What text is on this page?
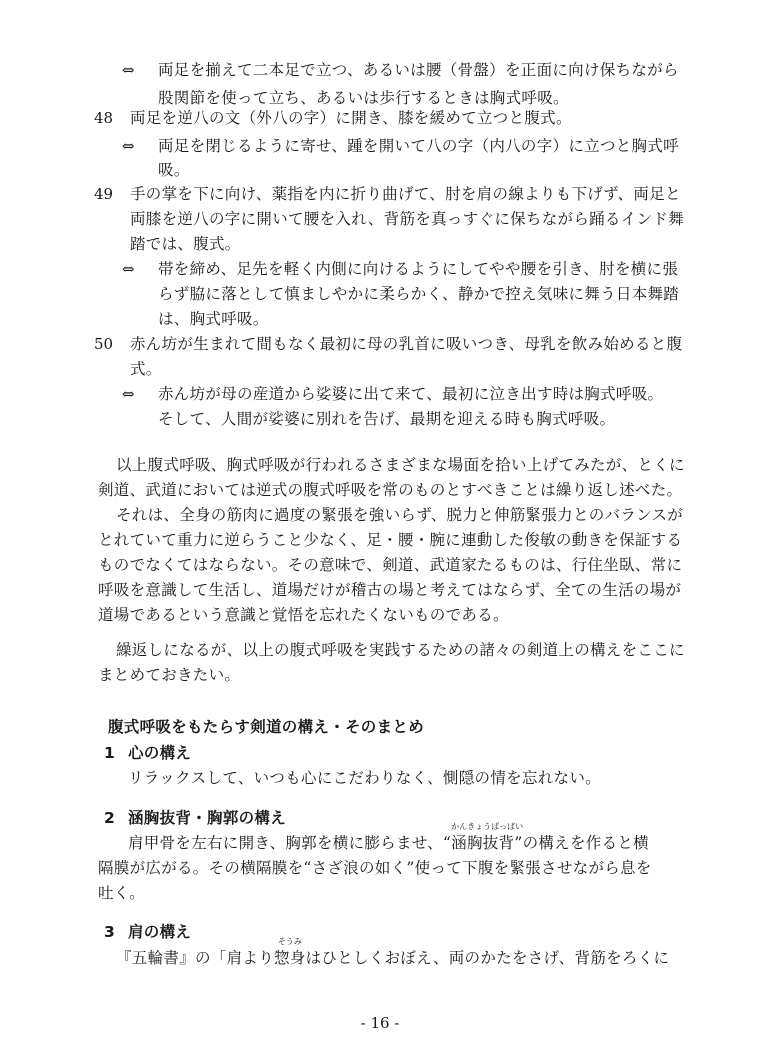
⇔ 両足を揃えて二本足で立つ、あるいは腰（骨盤）を正面に向け保ちながら
股関節を使って立ち、あるいは歩行するときは胸式呼吸。
48 両足を逆八の文（外八の字）に開き、膝を緩めて立つと腹式。
⇔ 両足を閉じるように寄せ、踵を開いて八の字（内八の字）に立つと胸式呼
吸。
49 手の掌を下に向け、薬指を内に折り曲げて、肘を肩の線よりも下げず、両足と
両膝を逆八の字に開いて腰を入れ、背筋を真っすぐに保ちながら踊るインド舞
踏では、腹式。
⇔ 帯を締め、足先を軽く内側に向けるようにしてやや腰を引き、肘を横に張
らず脇に落として慎ましやかに柔らかく、静かで控え気味に舞う日本舞踏
は、胸式呼吸。
50 赤ん坊が生まれて間もなく最初に母の乳首に吸いつき、母乳を飲み始めると腹
式。
⇔ 赤ん坊が母の産道から娑婆に出て来て、最初に泣き出す時は胸式呼吸。
そして、人間が娑婆に別れを告げ、最期を迎える時も胸式呼吸。
以上腹式呼吸、胸式呼吸が行われるさまざまな場面を拾い上げてみたが、とくに
剣道、武道においては逆式の腹式呼吸を常のものとすべきことは繰り返し述べた。
それは、全身の筋肉に過度の緊張を強いらず、脱力と伸筋緊張力とのバランスが
とれていて重力に逆らうこと少なく、足・腰・腕に連動した俊敏の動きを保証する
ものでなくてはならない。その意味で、剣道、武道家たるものは、行住坐臥、常に
呼吸を意識して生活し、道場だけが稽古の場と考えてはならず、全ての生活の場が
道場であるという意識と覚悟を忘れたくないものである。
繰返しになるが、以上の腹式呼吸を実践するための諸々の剣道上の構えをここに
まとめておきたい。
腹式呼吸をもたらす剣道の構え・そのまとめ
1 心の構え
リラックスして、いつも心にこだわりなく、惻隠の情を忘れない。
2 涵胸抜背・胸郭の構え
肩甲骨を左右に開き、胸郭を横に膨らませ、“
かんきょうばっぱい
涵胸抜背”の構えを作ると横
隔膜が広がる。その横隔膜を“さざ浪の如く”使って下腹を緊張させながら息を
吐く。
3 肩の構え
『五輪書』の「肩より
そうみ
惣身はひとしくおぼえ、両のかたをさげ、背筋をろくに
- 16 -
